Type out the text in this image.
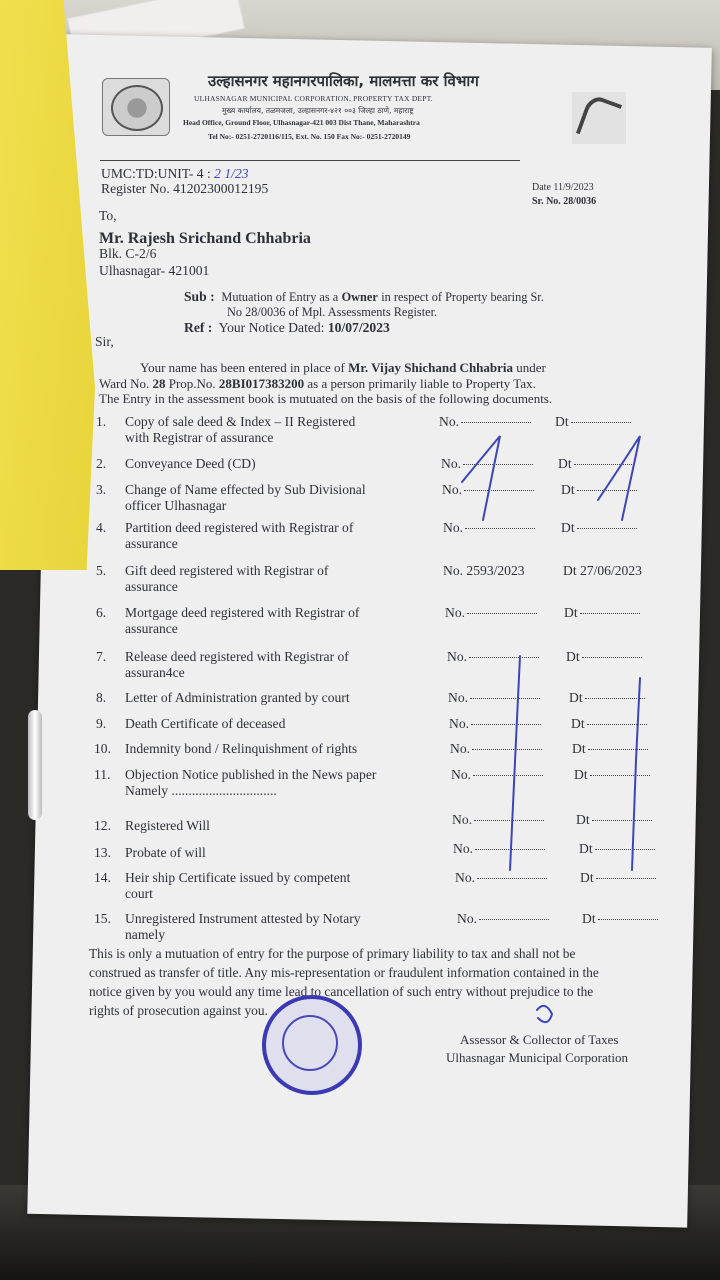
उल्हासनगर महानगरपालिका, मालमत्ता कर विभाग
ULHASNAGAR MUNICIPAL CORPORATION, PROPERTY TAX DEPT.
मुख्य कार्यालय, तळमजला, उल्हासनगर-४२१ ००३ जिल्हा ठाणे, महाराष्ट्र
Head Office, Ground Floor, Ulhasnagar-421 003 Dist Thane, Maharashtra
Tel No:- 0251-2720116/115, Ext. No. 150 Fax No:- 0251-2720149
UMC:TD:UNIT- 4 : 2 1/23
Register No. 41202300012195	Date 11/9/2023
Sr. No. 28/0036
To,
Mr. Rajesh Srichand Chhabria
Blk. C-2/6
Ulhasnagar- 421001
Sub : Mutuation of Entry as a Owner in respect of Property bearing Sr.
No 28/0036 of Mpl. Assessments Register.
Ref : Your Notice Dated: 10/07/2023
Sir,
Your name has been entered in place of Mr. Vijay Shichand Chhabria under
Ward No. 28 Prop.No. 28BI017383200 as a person primarily liable to Property Tax.
The Entry in the assessment book is mutuated on the basis of the following documents.
1. Copy of sale deed & Index – II Registered
with Registrar of assurance
No.	Dt
2. Conveyance Deed (CD)	No.	Dt
3. Change of Name effected by Sub Divisional
officer Ulhasnagar
No.	Dt
4. Partition deed registered with Registrar of
assurance
No.	Dt
5. Gift deed registered with Registrar of
assurance
No. 2593/2023	Dt 27/06/2023
6. Mortgage deed registered with Registrar of
assurance
No.	Dt
7. Release deed registered with Registrar of
assuran4ce
No.	Dt
8. Letter of Administration granted by court	No.	Dt
9. Death Certificate of deceased	No.	Dt
10. Indemnity bond / Relinquishment of rights	No.	Dt
11. Objection Notice published in the News paper
Namely ...............................
No.	Dt
12. Registered Will	No.	Dt
13. Probate of will	No.	Dt
14. Heir ship Certificate issued by competent
court
No.	Dt
15. Unregistered Instrument attested by Notary
namely
No.	Dt
This is only a mutuation of entry for the purpose of primary liability to tax and shall not be
construed as transfer of title. Any mis-representation or fraudulent information contained in the
notice given by you would any time lead to cancellation of such entry without prejudice to the
rights of prosecution against you.
Assessor & Collector of Taxes
Ulhasnagar Municipal Corporation
